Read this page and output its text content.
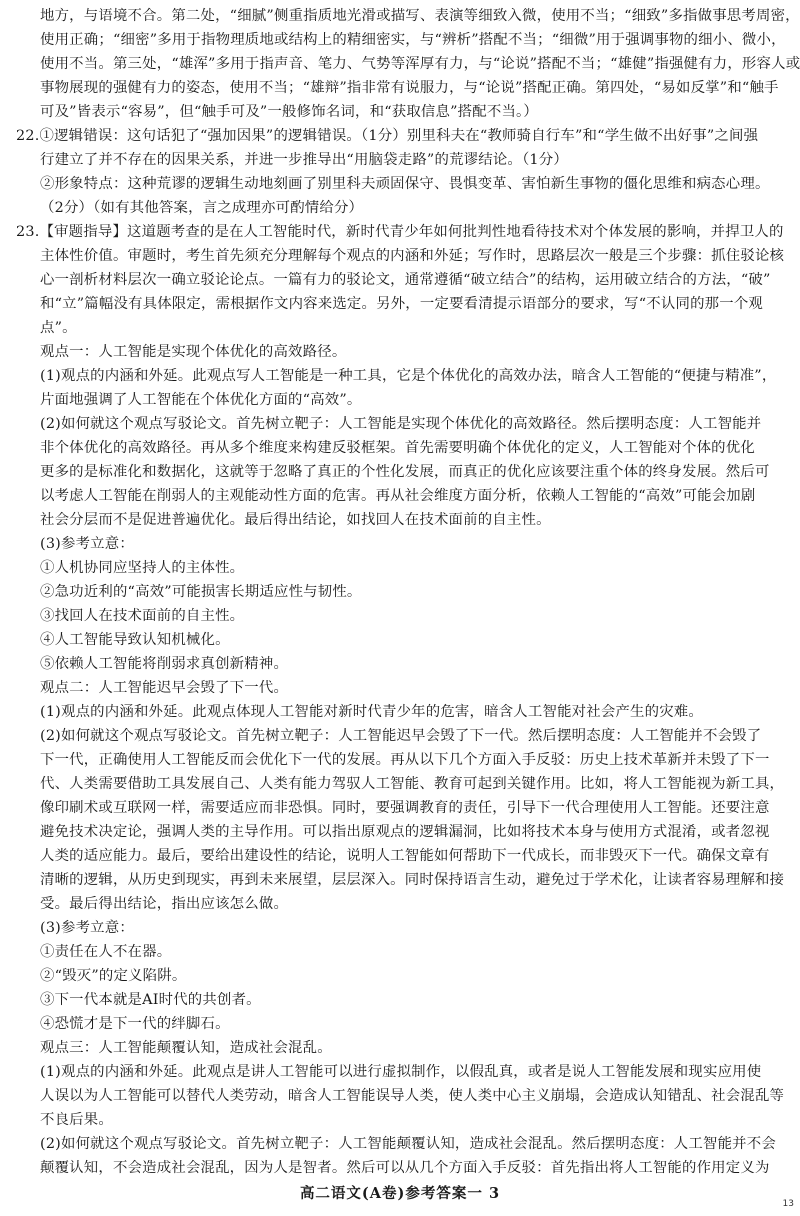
地方，与语境不合。第二处，“细腻”侧重指质地光滑或描写、表演等细致入微，使用不当；“细致”多指做事思考周密，
使用正确；“细密”多用于指物理质地或结构上的精细密实，与“辨析”搭配不当；“细微”用于强调事物的细小、微小，
使用不当。第三处，“雄浑”多用于指声音、笔力、气势等浑厚有力，与“论说”搭配不当；“雄健”指强健有力，形容人或
事物展现的强健有力的姿态，使用不当；“雄辩”指非常有说服力，与“论说”搭配正确。第四处，“易如反掌”和“触手
可及”皆表示“容易”，但“触手可及”一般修饰名词，和“获取信息”搭配不当。）
22.①逻辑错误：这句话犯了“强加因果”的逻辑错误。（1分）别里科夫在“教师骑自行车”和“学生做不出好事”之间强
行建立了并不存在的因果关系，并进一步推导出“用脑袋走路”的荒谬结论。（1分）
②形象特点：这种荒谬的逻辑生动地刻画了别里科夫顽固保守、畏惧变革、害怕新生事物的僵化思维和病态心理。
（2分）（如有其他答案，言之成理亦可酌情给分）
23.【审题指导】这道题考查的是在人工智能时代，新时代青少年如何批判性地看待技术对个体发展的影响，并捍卫人的
主体性价值。审题时，考生首先须充分理解每个观点的内涵和外延；写作时，思路层次一般是三个步骤：抓住驳论核
心一剖析材料层次一确立驳论论点。一篇有力的驳论文，通常遵循“破立结合”的结构，运用破立结合的方法，“破”
和“立”篇幅没有具体限定，需根据作文内容来选定。另外，一定要看清提示语部分的要求，写“不认同的那一个观
点”。
观点一：人工智能是实现个体优化的高效路径。
(1)观点的内涵和外延。此观点写人工智能是一种工具，它是个体优化的高效办法，暗含人工智能的“便捷与精准”，
片面地强调了人工智能在个体优化方面的“高效”。
(2)如何就这个观点写驳论文。首先树立靶子：人工智能是实现个体优化的高效路径。然后摆明态度：人工智能并
非个体优化的高效路径。再从多个维度来构建反驳框架。首先需要明确个体优化的定义，人工智能对个体的优化
更多的是标准化和数据化，这就等于忽略了真正的个性化发展，而真正的优化应该要注重个体的终身发展。然后可
以考虑人工智能在削弱人的主观能动性方面的危害。再从社会维度方面分析，依赖人工智能的“高效”可能会加剧
社会分层而不是促进普遍优化。最后得出结论，如找回人在技术面前的自主性。
(3)参考立意：
①人机协同应坚持人的主体性。
②急功近利的“高效”可能损害长期适应性与韧性。
③找回人在技术面前的自主性。
④人工智能导致认知机械化。
⑤依赖人工智能将削弱求真创新精神。
观点二：人工智能迟早会毁了下一代。
(1)观点的内涵和外延。此观点体现人工智能对新时代青少年的危害，暗含人工智能对社会产生的灾难。
(2)如何就这个观点写驳论文。首先树立靶子：人工智能迟早会毁了下一代。然后摆明态度：人工智能并不会毁了
下一代，正确使用人工智能反而会优化下一代的发展。再从以下几个方面入手反驳：历史上技术革新并未毁了下一
代、人类需要借助工具发展自己、人类有能力驾驭人工智能、教育可起到关键作用。比如，将人工智能视为新工具，
像印刷术或互联网一样，需要适应而非恐惧。同时，要强调教育的责任，引导下一代合理使用人工智能。还要注意
避免技术决定论，强调人类的主导作用。可以指出原观点的逻辑漏洞，比如将技术本身与使用方式混淆，或者忽视
人类的适应能力。最后，要给出建设性的结论，说明人工智能如何帮助下一代成长，而非毁灭下一代。确保文章有
清晰的逻辑，从历史到现实，再到未来展望，层层深入。同时保持语言生动，避免过于学术化，让读者容易理解和接
受。最后得出结论，指出应该怎么做。
(3)参考立意：
①责任在人不在器。
②“毁灭”的定义陷阱。
③下一代本就是AI时代的共创者。
④恐慌才是下一代的绊脚石。
观点三：人工智能颠覆认知，造成社会混乱。
(1)观点的内涵和外延。此观点是讲人工智能可以进行虚拟制作，以假乱真，或者是说人工智能发展和现实应用使
人误以为人工智能可以替代人类劳动，暗含人工智能误导人类，使人类中心主义崩塌，会造成认知错乱、社会混乱等
不良后果。
(2)如何就这个观点写驳论文。首先树立靶子：人工智能颠覆认知，造成社会混乱。然后摆明态度：人工智能并不会
颠覆认知，不会造成社会混乱，因为人是智者。然后可以从几个方面入手反驳：首先指出将人工智能的作用定义为
高二语文(A卷)参考答案一 3
13
